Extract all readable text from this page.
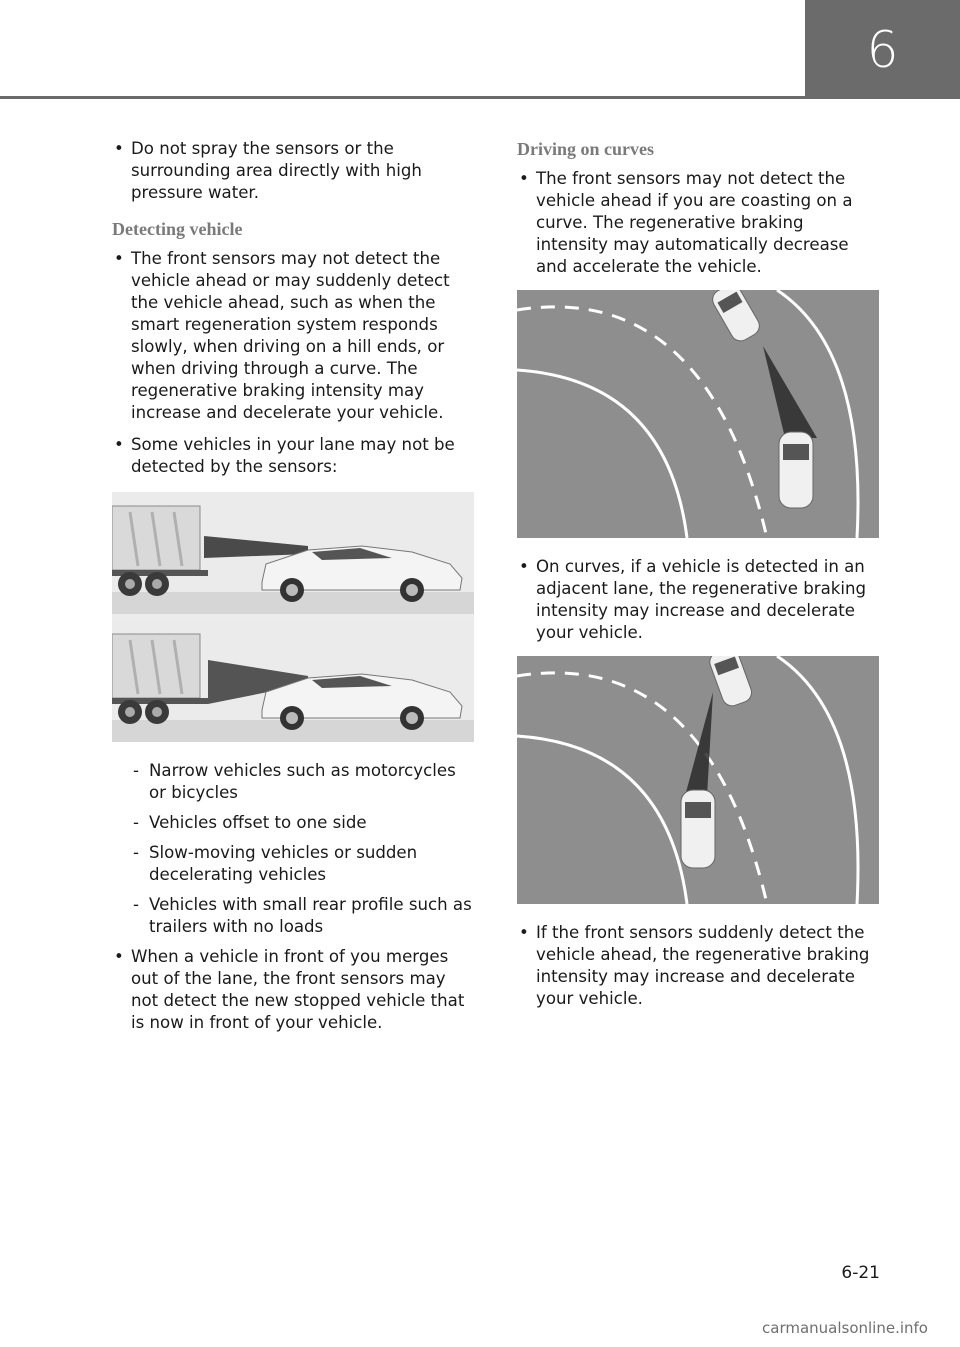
6
• Do not spray the sensors or the surrounding area directly with high pressure water.
Detecting vehicle
• The front sensors may not detect the vehicle ahead or may suddenly detect the vehicle ahead, such as when the smart regeneration system responds slowly, when driving on a hill ends, or when driving through a curve. The regenerative braking intensity may increase and decelerate your vehicle.
• Some vehicles in your lane may not be detected by the sensors:
- Narrow vehicles such as motorcycles or bicycles
- Vehicles offset to one side
- Slow-moving vehicles or sudden decelerating vehicles
- Vehicles with small rear profile such as trailers with no loads
• When a vehicle in front of you merges out of the lane, the front sensors may not detect the new stopped vehicle that is now in front of your vehicle.
Driving on curves
• The front sensors may not detect the vehicle ahead if you are coasting on a curve. The regenerative braking intensity may automatically decrease and accelerate the vehicle.
• On curves, if a vehicle is detected in an adjacent lane, the regenerative braking intensity may increase and decelerate your vehicle.
• If the front sensors suddenly detect the vehicle ahead, the regenerative braking intensity may increase and decelerate your vehicle.
6-21
carmanualsonline.info
